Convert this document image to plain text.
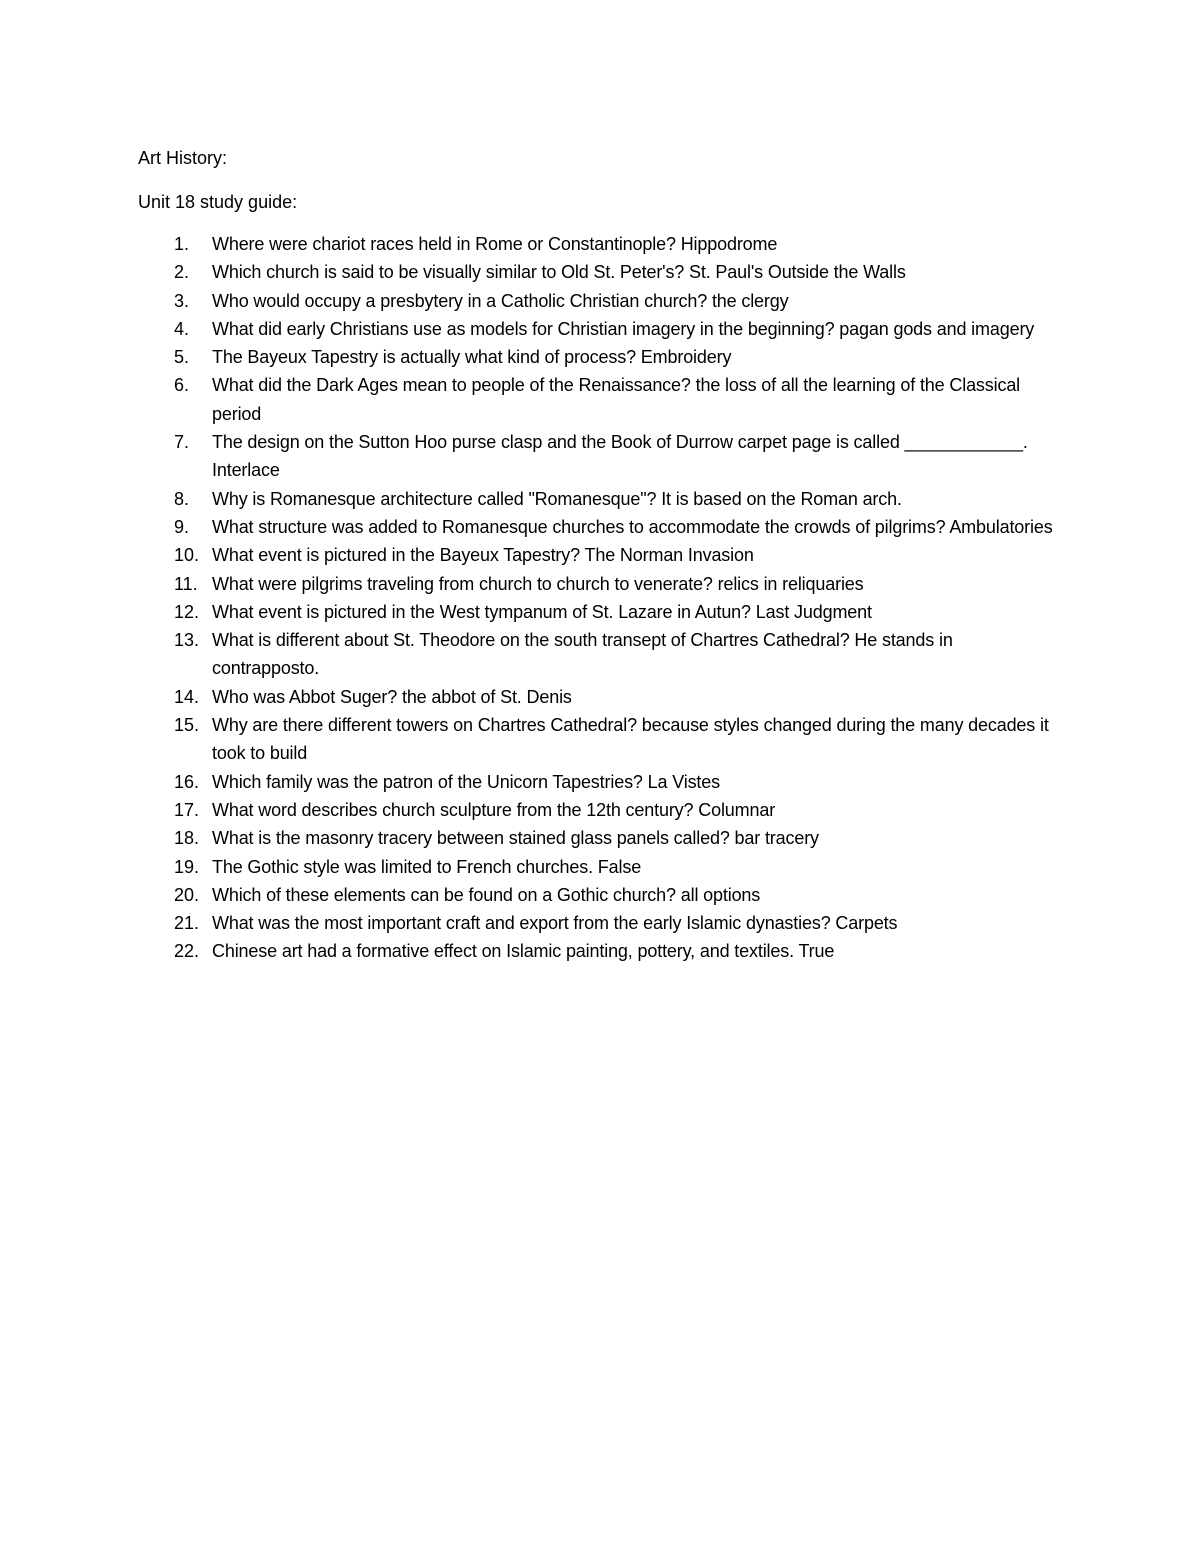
Art History:
Unit 18 study guide:
1.	Where were chariot races held in Rome or Constantinople? Hippodrome
2.	Which church is said to be visually similar to Old St. Peter's? St. Paul's Outside the Walls
3.	Who would occupy a presbytery in a Catholic Christian church? the clergy
4.	What did early Christians use as models for Christian imagery in the beginning? pagan gods and imagery
5.	The Bayeux Tapestry is actually what kind of process? Embroidery
6.	What did the Dark Ages mean to people of the Renaissance? the loss of all the learning of the Classical period
7.	The design on the Sutton Hoo purse clasp and the Book of Durrow carpet page is called ____________. Interlace
8.	Why is Romanesque architecture called "Romanesque"? It is based on the Roman arch.
9.	What structure was added to Romanesque churches to accommodate the crowds of pilgrims? Ambulatories
10. What event is pictured in the Bayeux Tapestry? The Norman Invasion
11. What were pilgrims traveling from church to church to venerate? relics in reliquaries
12. What event is pictured in the West tympanum of St. Lazare in Autun? Last Judgment
13. What is different about St. Theodore on the south transept of Chartres Cathedral? He stands in contrapposto.
14. Who was Abbot Suger? the abbot of St. Denis
15. Why are there different towers on Chartres Cathedral? because styles changed during the many decades it took to build
16. Which family was the patron of the Unicorn Tapestries? La Vistes
17. What word describes church sculpture from the 12th century? Columnar
18. What is the masonry tracery between stained glass panels called? bar tracery
19. The Gothic style was limited to French churches. False
20. Which of these elements can be found on a Gothic church? all options
21. What was the most important craft and export from the early Islamic dynasties? Carpets
22. Chinese art had a formative effect on Islamic painting, pottery, and textiles. True
